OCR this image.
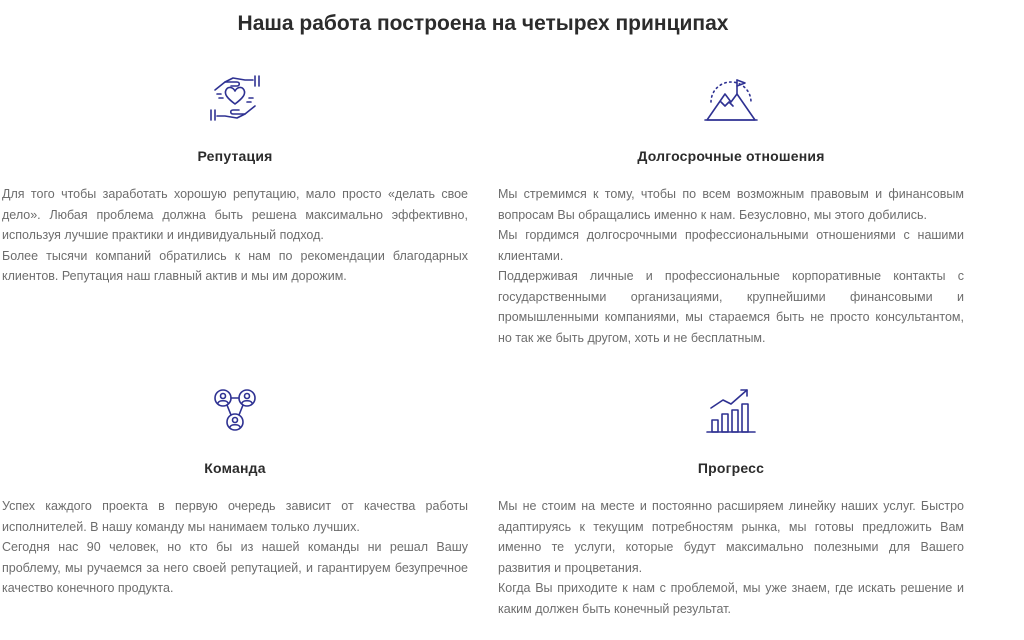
Наша работа построена на четырех принципах
Репутация

Для того чтобы заработать хорошую репутацию, мало просто «делать свое дело». Любая проблема должна быть решена максимально эффективно, используя лучшие практики и индивидуальный подход.

Более тысячи компаний обратились к нам по рекомендации благодарных клиентов. Репутация наш главный актив и мы им дорожим.

Долгосрочные отношения

Мы стремимся к тому, чтобы по всем возможным правовым и финансовым вопросам Вы обращались именно к нам. Безусловно, мы этого добились.

Мы гордимся долгосрочными профессиональными отношениями с нашими клиентами.

Поддерживая личные и профессиональные корпоративные контакты с государственными организациями, крупнейшими финансовыми и промышленными компаниями, мы стараемся быть не просто консультантом, но так же быть другом, хоть и не бесплатным.

Команда

Успех каждого проекта в первую очередь зависит от качества работы исполнителей. В нашу команду мы нанимаем только лучших.

Сегодня нас 90 человек, но кто бы из нашей команды ни решал Вашу проблему, мы ручаемся за него своей репутацией, и гарантируем безупречное качество конечного продукта.

Прогресс

Мы не стоим на месте и постоянно расширяем линейку наших услуг. Быстро адаптируясь к текущим потребностям рынка, мы готовы предложить Вам именно те услуги, которые будут максимально полезными для Вашего развития и процветания.

Когда Вы приходите к нам с проблемой, мы уже знаем, где искать решение и каким должен быть конечный результат.
